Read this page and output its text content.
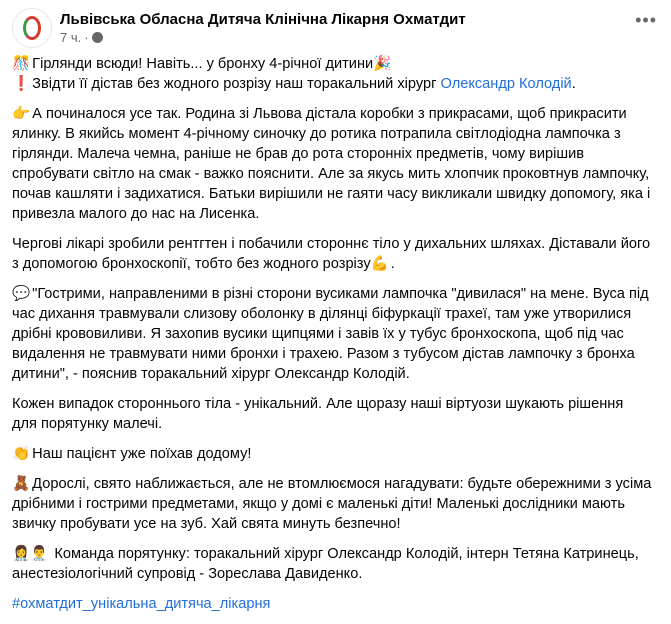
Львівська Обласна Дитяча Клінічна Лікарня Охматдит
7 ч. ·
•••

🎊 Гірлянди всюди! Навіть... у бронху 4-річної дитини🎉
❗ Звідти її дістав без жодного розрізу наш торакальний хірург Олександр Колодій.

👉 А починалося усе так. Родина зі Львова дістала коробки з прикрасами, щоб прикрасити ялинку. В якийсь момент 4-річному синочку до ротика потрапила світлодіодна лампочка з гірлянди. Малеча чемна, раніше не брав до рота сторонніх предметів, чому вирішив спробувати світло на смак - важко пояснити. Але за якусь мить хлопчик проковтнув лампочку, почав кашляти і задихатися. Батьки вирішили не гаяти часу викликали швидку допомогу, яка і привезла малого до нас на Лисенка.

Чергові лікарі зробили рентгтен і побачили стороннє тіло у дихальних шляхах. Діставали його з допомогою бронхоскопії, тобто без жодного розрізу💪 .

💬 "Гострими, направленими в різні сторони вусиками лампочка "дивилася" на мене. Вуса під час дихання травмували слизову оболонку в ділянці біфуркації трахеї, там уже утворилися дрібні крововиливи. Я захопив вусики щипцями і завів їх у тубус бронхоскопа, щоб під час видалення не травмувати ними бронхи і трахею. Разом з тубусом дістав лампочку з бронха дитини", - пояснив торакальний хірург Олександр Колодій.

Кожен випадок стороннього тіла - унікальний. Але щоразу наші віртуози шукають рішення для порятунку малечі.

👏 Наш пацієнт уже поїхав додому!

🧸 Дорослі, свято наближається, але не втомлюємося нагадувати: будьте обережними з усіма дрібними і гострими предметами, якщо у домі є маленькі діти! Маленькі дослідники мають звичку пробувати усе на зуб. Хай свята минуть безпечно!

👩‍⚕️👨‍⚕️ Команда порятунку: торакальний хірург Олександр Колодій, інтерн Тетяна Катринець, анестезіологічний супровід - Зореслава Давиденко.

#охматдит_унікальна_дитяча_лікарня
